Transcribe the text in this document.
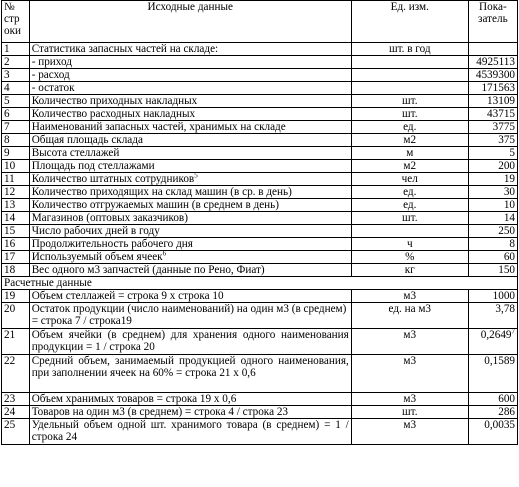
№ стр оки	Исходные данные	Ед. изм.	Пока-затель
1	Статистика запасных частей на складе:	шт. в год	
2	- приход		4925113
3	- расход		4539300
4	- остаток		171563
5	Количество приходных накладных	шт.	13109
6	Количество расходных накладных	шт.	43715
7	Наименований запасных частей, хранимых на складе	ед.	3775
8	Общая площадь склада	м2	375
9	Высота стеллажей	м	5
10	Площадь под стеллажами	м2	200
11	Количество штатных сотрудников$^5$	чел	19
12	Количество приходящих на склад машин (в ср. в день)	ед.	30
13	Количество отгружаемых машин (в среднем в день)	ед.	10
14	Магазинов (оптовых заказчиков)	шт.	14
15	Число рабочих дней в году		250
16	Продолжительность рабочего дня	ч	8
17	Используемый объем ячеек$^6$	%	60
18	Вес одного м3 запчастей (данные по Рено, Фиат)	кг	150
Расчетные данные			
19	Объем стеллажей = строка 9 х строка 10	м3	1000
20	Остаток продукции (число наименований) на один м3 (в среднем) = строка 7 / строка19	ед. на м3	3,78
21	Объем ячейки (в среднем) для хранения одного наименования продукции = 1 / строка 20	м3	0,2649$^7$
22	Средний объем, занимаемый продукцией одного наименования, при заполнении ячеек на 60% = строка 21 х 0,6	м3	0,1589
23	Объем хранимых товаров = строка 19 х 0,6	м3	600
24	Товаров на один м3 (в среднем) = строка 4 / строка 23	шт.	286
25	Удельный объем одной шт. хранимого товара (в среднем) = 1 / строка 24	м3	0,0035
